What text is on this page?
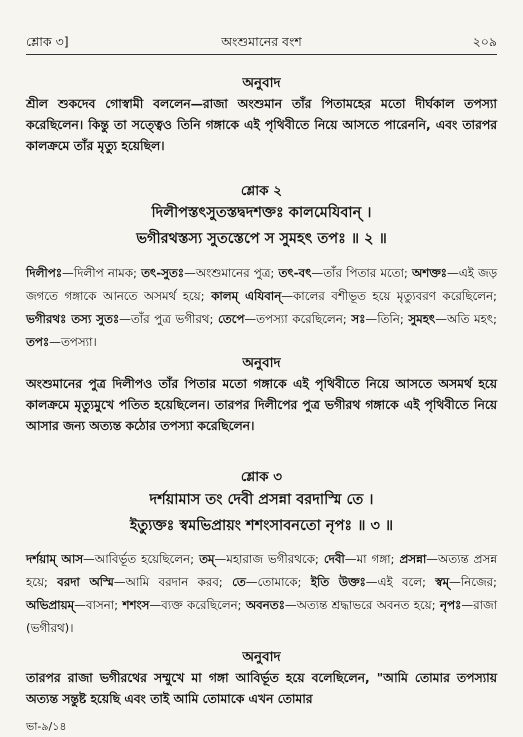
শ্লোক ৩]	অংশুমানের বংশ	২০৯
অনুবাদ

শ্রীল শুকদেব গোস্বামী বললেন—রাজা অংশুমান তাঁর পিতামহের মতো দীর্ঘকাল তপস্যা করেছিলেন। কিন্তু তা সত্ত্বেও তিনি গঙ্গাকে এই পৃথিবীতে নিয়ে আসতে পারেননি, এবং তারপর কালক্রমে তাঁর মৃত্যু হয়েছিল।

শ্লোক ২
দিলীপস্তৎসুতস্তদ্বদশক্তঃ কালমেযিবান্ ।
ভগীরথস্তস্য সুতস্তেপে স সুমহৎ তপঃ ॥ ২ ॥

দিলীপঃ—দিলীপ নামক; তৎ-সুতঃ—অংশুমানের পুত্র; তৎ-বৎ—তাঁর পিতার মতো; অশক্তঃ—এই জড় জগতে গঙ্গাকে আনতে অসমর্থ হয়ে; কালম্ এযিবান্—কালের বশীভূত হয়ে মৃত্যুবরণ করেছিলেন; ভগীরথঃ তস্য সুতঃ—তাঁর পুত্র ভগীরথ; তেপে—তপস্যা করেছিলেন; সঃ—তিনি; সুমহৎ—অতি মহৎ; তপঃ—তপস্যা।

অনুবাদ

অংশুমানের পুত্র দিলীপও তাঁর পিতার মতো গঙ্গাকে এই পৃথিবীতে নিয়ে আসতে অসমর্থ হয়ে কালক্রমে মৃত্যুমুখে পতিত হয়েছিলেন। তারপর দিলীপের পুত্র ভগীরথ গঙ্গাকে এই পৃথিবীতে নিয়ে আসার জন্য অত্যন্ত কঠোর তপস্যা করেছিলেন।

শ্লোক ৩
দর্শয়ামাস তং দেবী প্রসন্না বরদাস্মি তে ।
ইত্যুক্তঃ স্বমভিপ্রায়ং শশংসাবনতো নৃপঃ ॥ ৩ ॥

দর্শয়াম্ আস—আবির্ভূত হয়েছিলেন; তম্—মহারাজ ভগীরথকে; দেবী—মা গঙ্গা; প্রসন্না—অত্যন্ত প্রসন্ন হয়ে; বরদা অস্মি—আমি বরদান করব; তে—তোমাকে; ইতি উক্তঃ—এই বলে; স্বম্—নিজের; অভিপ্রায়ম্—বাসনা; শশংস—ব্যক্ত করেছিলেন; অবনতঃ—অত্যন্ত শ্রদ্ধাভরে অবনত হয়ে; নৃপঃ—রাজা (ভগীরথ)।

অনুবাদ

তারপর রাজা ভগীরথের সম্মুখে মা গঙ্গা আবির্ভূত হয়ে বলেছিলেন, "আমি তোমার তপস্যায় অত্যন্ত সন্তুষ্ট হয়েছি এবং তাই আমি তোমাকে এখন তোমার

ভা-৯/১৪
